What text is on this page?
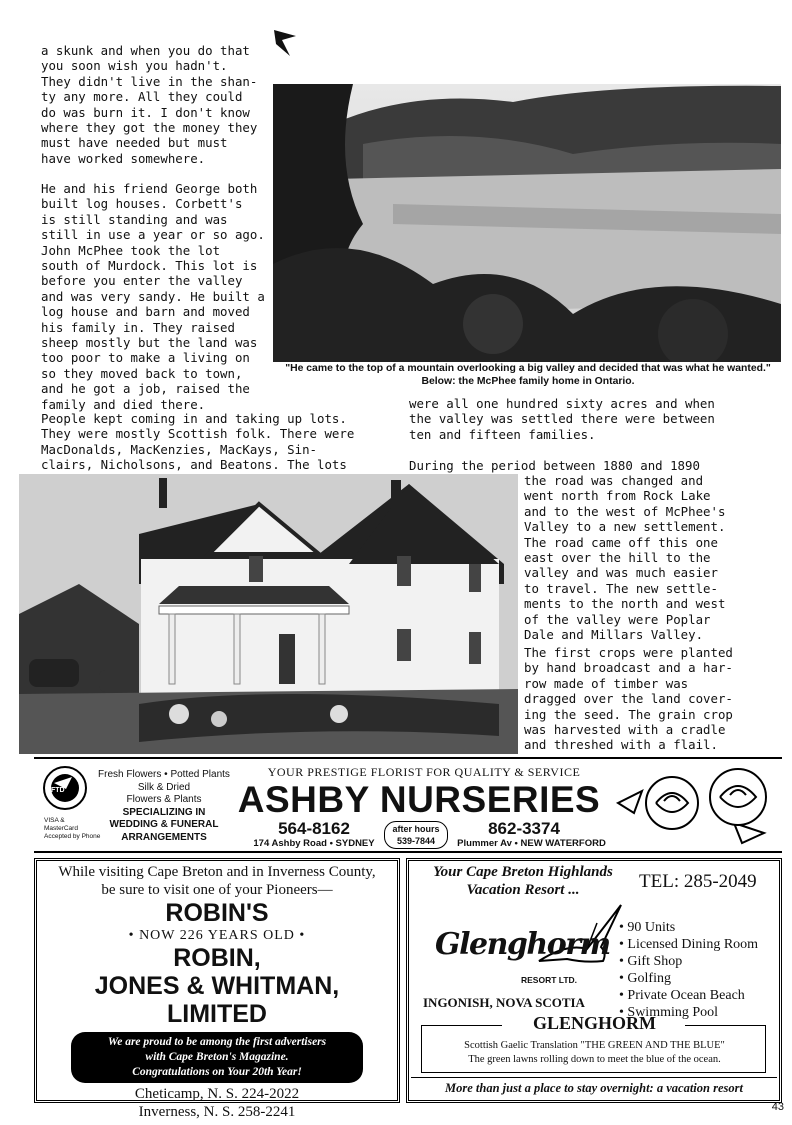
a skunk and when you do that
you soon wish you hadn't.
They didn't live in the shan-
ty any more. All they could
do was burn it. I don't know
where they got the money they
must have needed but must
have worked somewhere.
He and his friend George both
built log houses. Corbett's
is still standing and was
still in use a year or so ago.
John McPhee took the lot
south of Murdock. This lot is
before you enter the valley
and was very sandy. He built a
log house and barn and moved
his family in. They raised
sheep mostly but the land was
too poor to make a living on
so they moved back to town,
and he got a job, raised the
family and died there.
"He came to the top of a mountain overlooking a big valley and decided that was what he wanted." Below: the McPhee family home in Ontario.
People kept coming in and taking up lots.
They were mostly Scottish folk. There were
MacDonalds, MacKenzies, MacKays, Sin-
clairs, Nicholsons, and Beatons. The lots
were all one hundred sixty acres and when
the valley was settled there were between
ten and fifteen families.
During the period between 1880 and 1890
the road was changed and
went north from Rock Lake
and to the west of McPhee's
Valley to a new settlement.
The road came off this one
east over the hill to the
valley and was much easier
to travel. The new settle-
ments to the north and west
of the valley were Poplar
Dale and Millars Valley.
The first crops were planted
by hand broadcast and a har-
row made of timber was
dragged over the land cover-
ing the seed. The grain crop
was harvested with a cradle
and threshed with a flail.
FTD
VISA &
MasterCard
Accepted by Phone
Fresh Flowers • Potted Plants
Silk & Dried
Flowers & Plants
SPECIALIZING IN
WEDDING & FUNERAL
ARRANGEMENTS
YOUR PRESTIGE FLORIST FOR QUALITY & SERVICE
ASHBY NURSERIES
564-8162
174 Ashby Road • SYDNEY
after hours
539-7844
862-3374
Plummer Av • NEW WATERFORD
While visiting Cape Breton and in Inverness County,
be sure to visit one of your Pioneers—
ROBIN'S
• NOW 226 YEARS OLD •
ROBIN,
JONES & WHITMAN,
LIMITED
We are proud to be among the first advertisers
with Cape Breton's Magazine.
Congratulations on Your 20th Year!
Cheticamp, N. S. 224-2022
Inverness, N. S. 258-2241
Your Cape Breton Highlands
Vacation Resort ...	TEL: 285-2049
Glenghorm
RESORT LTD.
• 90 Units
• Licensed Dining Room
• Gift Shop
• Golfing
• Private Ocean Beach
• Swimming Pool
INGONISH, NOVA SCOTIA
GLENGHORM
Scottish Gaelic Translation "THE GREEN AND THE BLUE"
The green lawns rolling down to meet the blue of the ocean.
More than just a place to stay overnight: a vacation resort
43
